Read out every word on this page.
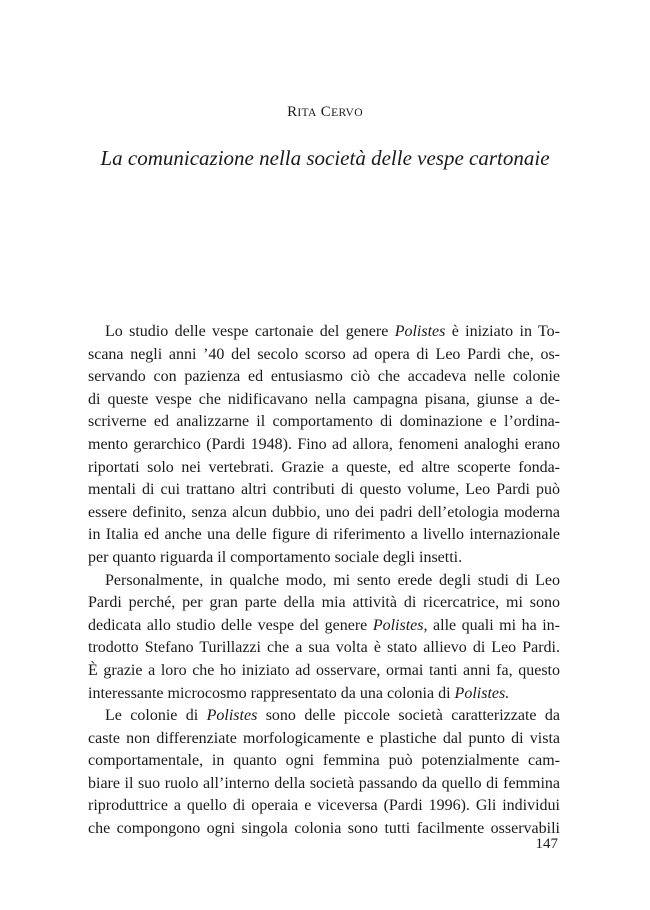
RITA CERVO
La comunicazione nella società delle vespe cartonaie
Lo studio delle vespe cartonaie del genere Polistes è iniziato in To-
scana negli anni ’40 del secolo scorso ad opera di Leo Pardi che, os-
servando con pazienza ed entusiasmo ciò che accadeva nelle colonie
di queste vespe che nidificavano nella campagna pisana, giunse a de-
scriverne ed analizzarne il comportamento di dominazione e l’ordina-
mento gerarchico (Pardi 1948). Fino ad allora, fenomeni analoghi erano
riportati solo nei vertebrati. Grazie a queste, ed altre scoperte fonda-
mentali di cui trattano altri contributi di questo volume, Leo Pardi può
essere definito, senza alcun dubbio, uno dei padri dell’etologia moderna
in Italia ed anche una delle figure di riferimento a livello internazionale
per quanto riguarda il comportamento sociale degli insetti.
Personalmente, in qualche modo, mi sento erede degli studi di Leo
Pardi perché, per gran parte della mia attività di ricercatrice, mi sono
dedicata allo studio delle vespe del genere Polistes, alle quali mi ha in-
trodotto Stefano Turillazzi che a sua volta è stato allievo di Leo Pardi.
È grazie a loro che ho iniziato ad osservare, ormai tanti anni fa, questo
interessante microcosmo rappresentato da una colonia di Polistes.
Le colonie di Polistes sono delle piccole società caratterizzate da
caste non differenziate morfologicamente e plastiche dal punto di vista
comportamentale, in quanto ogni femmina può potenzialmente cam-
biare il suo ruolo all’interno della società passando da quello di femmina
riproduttrice a quello di operaia e viceversa (Pardi 1996). Gli individui
che compongono ogni singola colonia sono tutti facilmente osservabili
147
